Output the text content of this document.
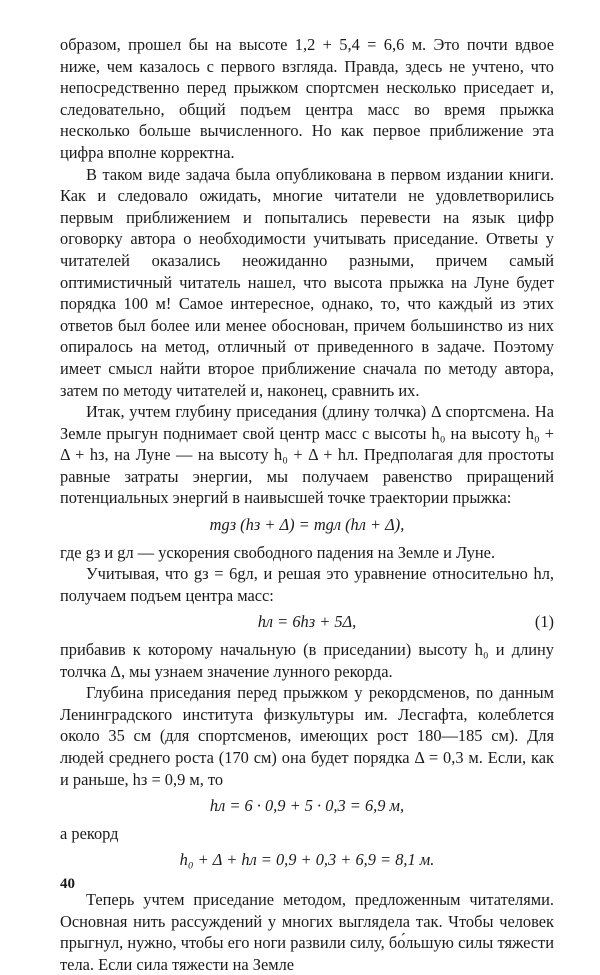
образом, прошел бы на высоте 1,2 + 5,4 = 6,6 м. Это почти вдвое ниже, чем казалось с первого взгляда. Правда, здесь не учтено, что непосредственно перед прыжком спортсмен несколько приседает и, следовательно, общий подъем центра масс во время прыжка несколько больше вычисленного. Но как первое приближение эта цифра вполне корректна.

В таком виде задача была опубликована в первом издании книги. Как и следовало ожидать, многие читатели не удовлетворились первым приближением и попытались перевести на язык цифр оговорку автора о необходимости учитывать приседание. Ответы у читателей оказались неожиданно разными, причем самый оптимистичный читатель нашел, что высота прыжка на Луне будет порядка 100 м! Самое интересное, однако, то, что каждый из этих ответов был более или менее обоснован, причем большинство из них опиралось на метод, отличный от приведенного в задаче. Поэтому имеет смысл найти второе приближение сначала по методу автора, затем по методу читателей и, наконец, сравнить их.

Итак, учтем глубину приседания (длину толчка) Δ спортсмена. На Земле прыгун поднимает свой центр масс с высоты h₀ на высоту h₀ + Δ + hз, на Луне — на высоту h₀ + Δ + hл. Предполагая для простоты равные затраты энергии, мы получаем равенство приращений потенциальных энергий в наивысшей точке траектории прыжка:

mgз (hз + Δ) = mgл (hл + Δ),

где gз и gл — ускорения свободного падения на Земле и Луне.

Учитывая, что gз = 6gл, и решая это уравнение относительно hл, получаем подъем центра масс:

hл = 6hз + 5Δ,	(1)

прибавив к которому начальную (в приседании) высоту h₀ и длину толчка Δ, мы узнаем значение лунного рекорда.

Глубина приседания перед прыжком у рекордсменов, по данным Ленинградского института физкультуры им. Лесгафта, колеблется около 35 см (для спортсменов, имеющих рост 180—185 см). Для людей среднего роста (170 см) она будет порядка Δ = 0,3 м. Если, как и раньше, hз = 0,9 м, то

hл = 6 · 0,9 + 5 · 0,3 = 6,9 м,

а рекорд

h₀ + Δ + hл = 0,9 + 0,3 + 6,9 = 8,1 м.

Теперь учтем приседание методом, предложенным читателями. Основная нить рассуждений у многих выглядела так. Чтобы человек прыгнул, нужно, чтобы его ноги развили силу, бо́льшую силы тяжести тела. Если сила тяжести на Земле

40
